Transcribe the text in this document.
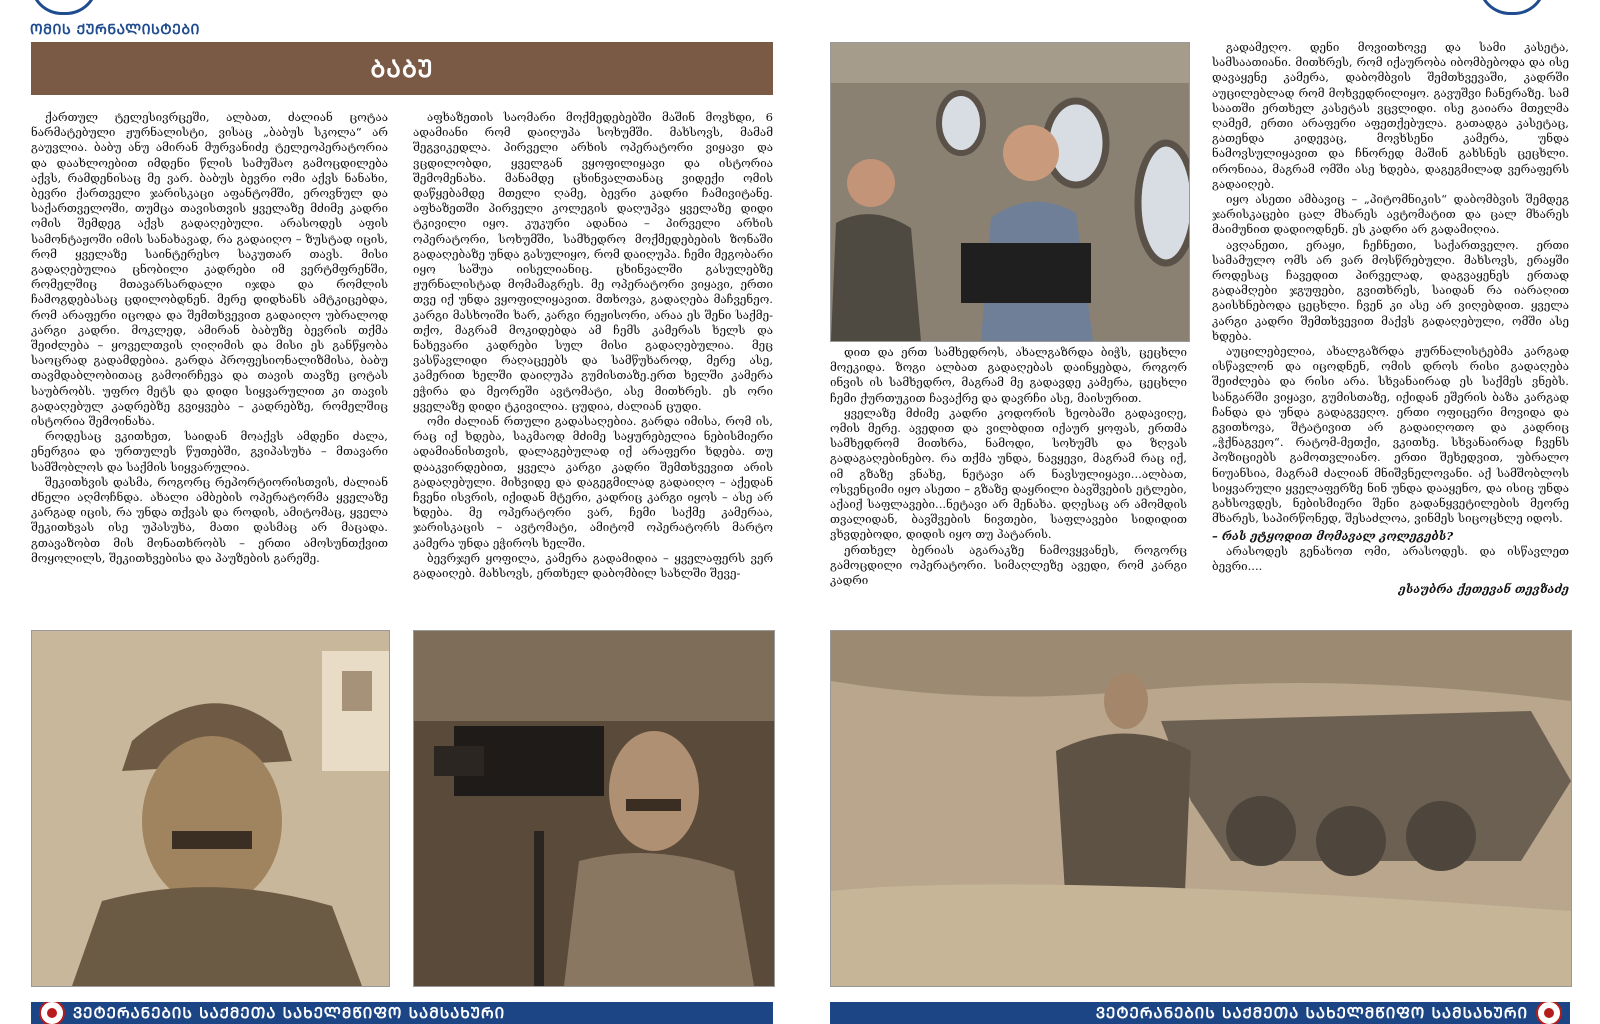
ᲝᲛᲘᲡ ᲥᲣᲠᲜᲐᲚᲘᲡᲢᲔᲑᲘ
ᲑᲐᲑᲣ

ქართულ ტელესივრცეში, ალბათ, ძალიან ცოტაა ნარმატებული ჟურნალისტი, ვისაც „ბაბუს სკოლა“ არ გაუვლია. ბაბუ ანუ ამირან მურვანიძე ტელეოპერატორია და დაახლოებით იმდენი წლის სამუშაო გამოცდილება აქვს, რამდენისაც მე ვარ. ბაბუს ბევრი ომი აქვს ნანახი, ბევრი ქართველი ჯარისკაცი აფანტომში, ეროვნულ და საქართველოში, თუმცა თავისთვის ყველაზე მძიმე კადრი ომის შემდეგ აქვს გადაღებული. არასოდეს აფის სამონტაჟოში იმის სანახავად, რა გადაიღო – ზუსტად იცის, რომ ყველაზე საინტერესო საკუთარ თავს. მისი გადაღებულია ცნობილი კადრები იმ ვერტმფრენში, რომელშიც მთავარსარდალი იჯდა და რომლის ჩამოგდებასაც ცდილობდნენ. მერე დიდხანს ამტკიცებდა, რომ არაფერი იცოდა და შემთხვევით გადაიღო უბრალოდ კარგი კადრი. მოკლედ, ამირან ბაბუზე ბევრის თქმა შეიძლება – ყოველთვის ღიღიმის და მისი ეს განწყობა საოცრად გადამდებია. გარდა პროფესიონალიზმისა, ბაბუ თავმდაბლობითაც გამოირჩევა და თავის თავზე ცოტას საუბრობს. უფრო მეტს და დიდი სიყვარულით კი თავის გადაღებულ კადრებზე გვიყვება – კადრებზე, რომელშიც ისტორია შემოინახა.

როდესაც ვკითხეთ, საიდან მოაქვს ამდენი ძალა, ენერგია და ურთულეს წუთებში, გვიპასუხა – მთავარი სამშობლოს და საქმის სიყვარულია.

შეკითხვის დასმა, როგორც რეპორტიორისთვის, ძალიან ძნელი აღმოჩნდა. ახალი ამბების ოპერატორმა ყველაზე კარგად იცის, რა უნდა თქვას და როდის, ამიტომაც, ყველა შეკითხვას ისე უპასუხა, მათი დასმაც არ მაცადა. გთავაზობთ მის მონათხრობს – ერთი ამოსუნთქვით მოყოლილს, შეკითხვებისა და პაუზების გარეშე.

აფხაზეთის საომარი მოქმედებებში მაშინ მოვხდი, 6 ადამიანი რომ დაიღუპა სოხუმში. მახსოვს, მამამ შეგვიკედლა. პირველი არხის ოპერატორი ვიყავი და ვცდილობდი, ყველგან ვყოფილიყავი და ისტორია შემომენახა. მანამდე ცხინვალთანაც ვიდექი ომის დაწყებამდე მთელი ღამე, ბევრი კადრი ჩამივიტანე. აფხაზეთში პირველი კოლეგის დაღუპვა ყველაზე დიდი ტკივილი იყო. კუკური ადანია – პირველი არხის ოპერატორი, სოხუმში, სამხედრო მოქმედებების ზონაში გადაღებაზე უნდა გასულიყო, რომ დაიღუპა. ჩემი მეგობარი იყო საშუა იისელიანიც. ცხინვალში გასულებზე ჟურნალისტად მომამაგრეს. მე ოპერატორი ვიყავი, ერთი თვე იქ უნდა ვყოფილიყავით. მთხოვა, გადაღება მაჩვენეო. კარგი მასხოიში ხარ, კარგი რეჟისორი, არაა ეს შენი საქმე-თქო, მაგრამ მოკიდებდა ამ ჩემს კამერას ხელს და ნახევარი კადრები სულ მისი გადაღებულია. მეც ვასწავლიდი რაღაცეებს და სამწუხაროდ, მერე ასე, კამერით ხელში დაიღუპა გუმისთაზე.ერთ ხელში კამერა ეჭირა და მეორეში ავტომატი, ასე მითხრეს. ეს ორი ყველაზე დიდი ტკივილია. ცუდია, ძალიან ცუდი.

ომი ძალიან რთული გადასაღებია. გარდა იმისა, რომ ის, რაც იქ ხდება, საკმაოდ მძიმე საყურებელია ნებისმიერი ადამიანისთვის, დალაგებულად იქ არაფერი ხდება. თუ დააკვირდებით, ყველა კარგი კადრი შემთხვევით არის გადაღებული. მიხვიდე და დაგეგმილად გადაიღო – აქედან ჩვენი ისვრის, იქიდან მტერი, კადრიც კარგი იყოს – ასე არ ხდება. მე ოპერატორი ვარ, ჩემი საქმე კამერაა, ჯარისკაცის – ავტომატი, ამიტომ ოპერატორს მარტო კამერა უნდა ეჭიროს ხელში.

ბევრჯერ ყოფილა, კამერა გადამიდია – ყველაფერს ვერ გადაიღებ. მახსოვს, ერთხელ დაბომბილ სახლში შევე-

დით და ერთ სამხედროს, ახალგაზრდა ბიჭს, ცეცხლი მოეკიდა. ზოგი ალბათ გადაღებას დაინყებდა, როგორ ინვის ის სამხედრო, მაგრამ მე გადავდე კამერა, ცეცხლი ჩემი ქურთუკით ჩავაქრე და დავრჩი ასე, მაისურით.

ყველაზე მძიმე კადრი კოდორის ხეობაში გადავიღე, ომის მერე. ავედით და ვილბდით იქაურ ყოფას, ერთმა სამხედრომ მითხრა, ნამოდი, სოხუმს და ზღვას გადაგაღებინებო. რა თქმა უნდა, ნავყევი, მაგრამ რაც იქ, იმ გზაზე ვნახე, ნეტავი არ ნავსულიყავი...ალბათ, ოსვენციმი იყო ასეთი – გზაზე დაყრილი ბავშვების ეტლები, აქაიქ საფლავები...ნეტავი არ მენახა. დღესაც არ ამომდის თვალიდან, ბავშვების ნივთები, საფლავები სიდიდით ვხვდებოდი, დიდის იყო თუ პატარის.

ერთხელ ბერიას აგარაკზე ნამოვყვანეს, როგორც გამოცდილი ოპერატორი. სიმაღლეზე ავედი, რომ კარგი კადრი

გადამეღო. დენი მოვითხოვე და სამი კასეტა, სამსაათიანი. მითხრეს, რომ იქაურობა იბომბებოდა და ისე დავაყენე კამერა, დაბომბვის შემთხვევაში, კადრში აუცილებლად რომ მოხვედრილიყო. გავუშვი ჩანერაზე. სამ საათში ერთხელ კასეტას ვცვლიდი. ისე გაიარა მთელმა ღამემ, ერთი არაფერი აფეთქებულა. გათადგა კასეტაც, გათენდა კიდევაც, მოვხსენი კამერა, უნდა ნამოვსულიყავით და ჩნორედ მაშინ გახსნეს ცეცხლი. ირონიაა, მაგრამ ომში ასე ხდება, დაგეგმილად ვერაფერს გადაიღებ.

იყო ასეთი ამბავიც – „პიტომნიკის“ დაბომბვის შემდეგ ჯარისკაცები ცალ მხარეს ავტომატით და ცალ მხარეს მაიმუნით დადიოდნენ. ეს კადრი არ გადამიღია.

ავღანეთი, ერაყი, ჩეჩნეთი, საქართველო. ერთი სამამულო ომს არ ვარ მოსწრებული. მახსოვს, ერაყში როდესაც ჩავედით პირველად, დაგვაყენეს ერთად გადამღები ჯგუფები, გვითხრეს, საიდან რა იარაღით გაისხნებოდა ცეცხლი. ჩვენ კი ასე არ ვიღებდით. ყველა კარგი კადრი შემთხვევით მაქვს გადაღებული, ომში ასე ხდება.

აუცილებელია, ახალგაზრდა ჟურნალისტებმა კარგად ისწავლონ და იცოდნენ, ომის დროს რისი გადაღება შეიძლება და რისი არა. სხვანაირად ეს საქმეს ვნებს. სანგარში ვიყავი, გუმისთაზე, იქიდან ეშერის ბაზა კარგად ჩანდა და უნდა გადაგვეღო. ერთი ოფიცერი მოვიდა და გვითხოვა, შტატივით არ გადაიღოთო და კადრიც „ჭქნაგვეო“. რატომ-მეთქი, ვკითხე. სხვანაირად ჩვენს პოზიციებს გამოთვლიანო. ერთი შეხედვით, უბრალო ნიუანსია, მაგრამ ძალიან მნიშვნელოვანი. აქ სამშობლოს სიყვარული ყველაფერზე ნინ უნდა დააყენო, და ისიც უნდა გახსოვდეს, ნებისმიერი შენი გადანყვეტილების მეორე მხარეს, საპირწონედ, შესაძლოა, ვინმეს სიცოცხლე იდოს.

– რას ეტყოდით მომავალ კოლეგებს?

არასოდეს გენახოთ ომი, არასოდეს. და ისწავლეთ ბევრი....

ესაუბრა ქეთევან თევზაძე

ᲕᲔᲢᲔᲠᲐᲜᲔᲑᲘᲡ ᲡᲐᲥᲛᲔᲗᲐ ᲡᲐᲮᲔᲚᲛᲬᲘᲤᲝ ᲡᲐᲛᲡᲐᲮᲣᲠᲘ	ᲕᲔᲢᲔᲠᲐᲜᲔᲑᲘᲡ ᲡᲐᲥᲛᲔᲗᲐ ᲡᲐᲮᲔᲚᲛᲬᲘᲤᲝ ᲡᲐᲛᲡᲐᲮᲣᲠᲘ
